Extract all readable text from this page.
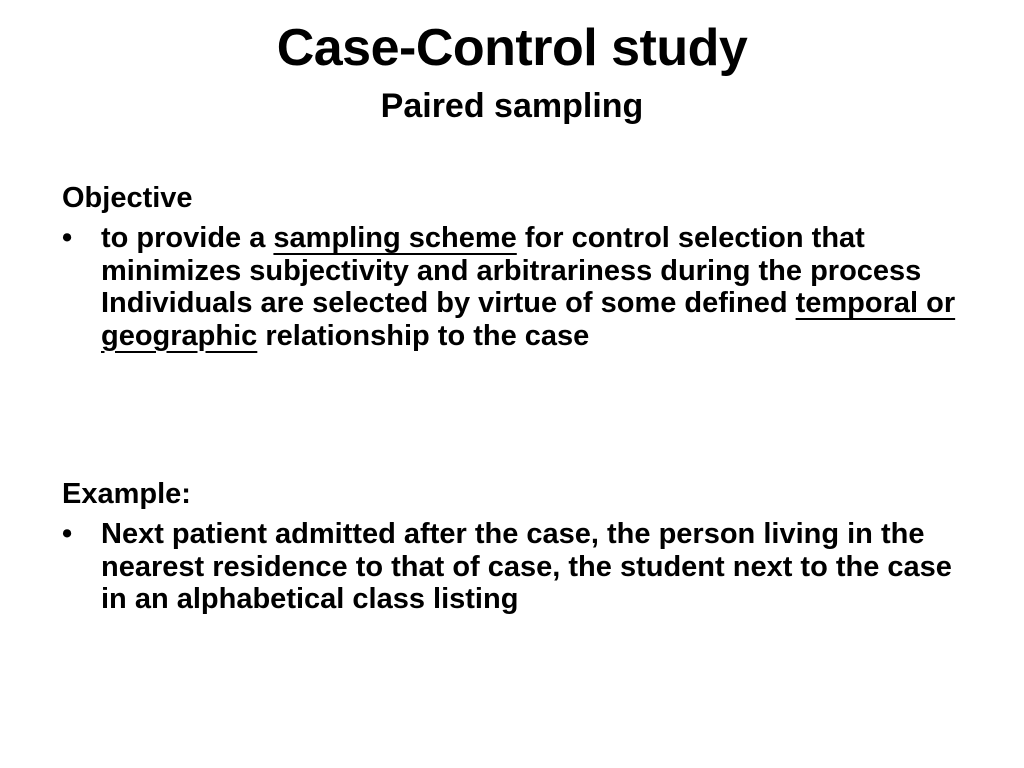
Case-Control study
Paired sampling
Objective
• to provide a sampling scheme for control selection that minimizes subjectivity and arbitrariness during the process Individuals are selected by virtue of some defined temporal or geographic relationship to the case
Example:
• Next patient admitted after the case, the person living in the nearest residence to that of case, the student next to the case in an alphabetical class listing
